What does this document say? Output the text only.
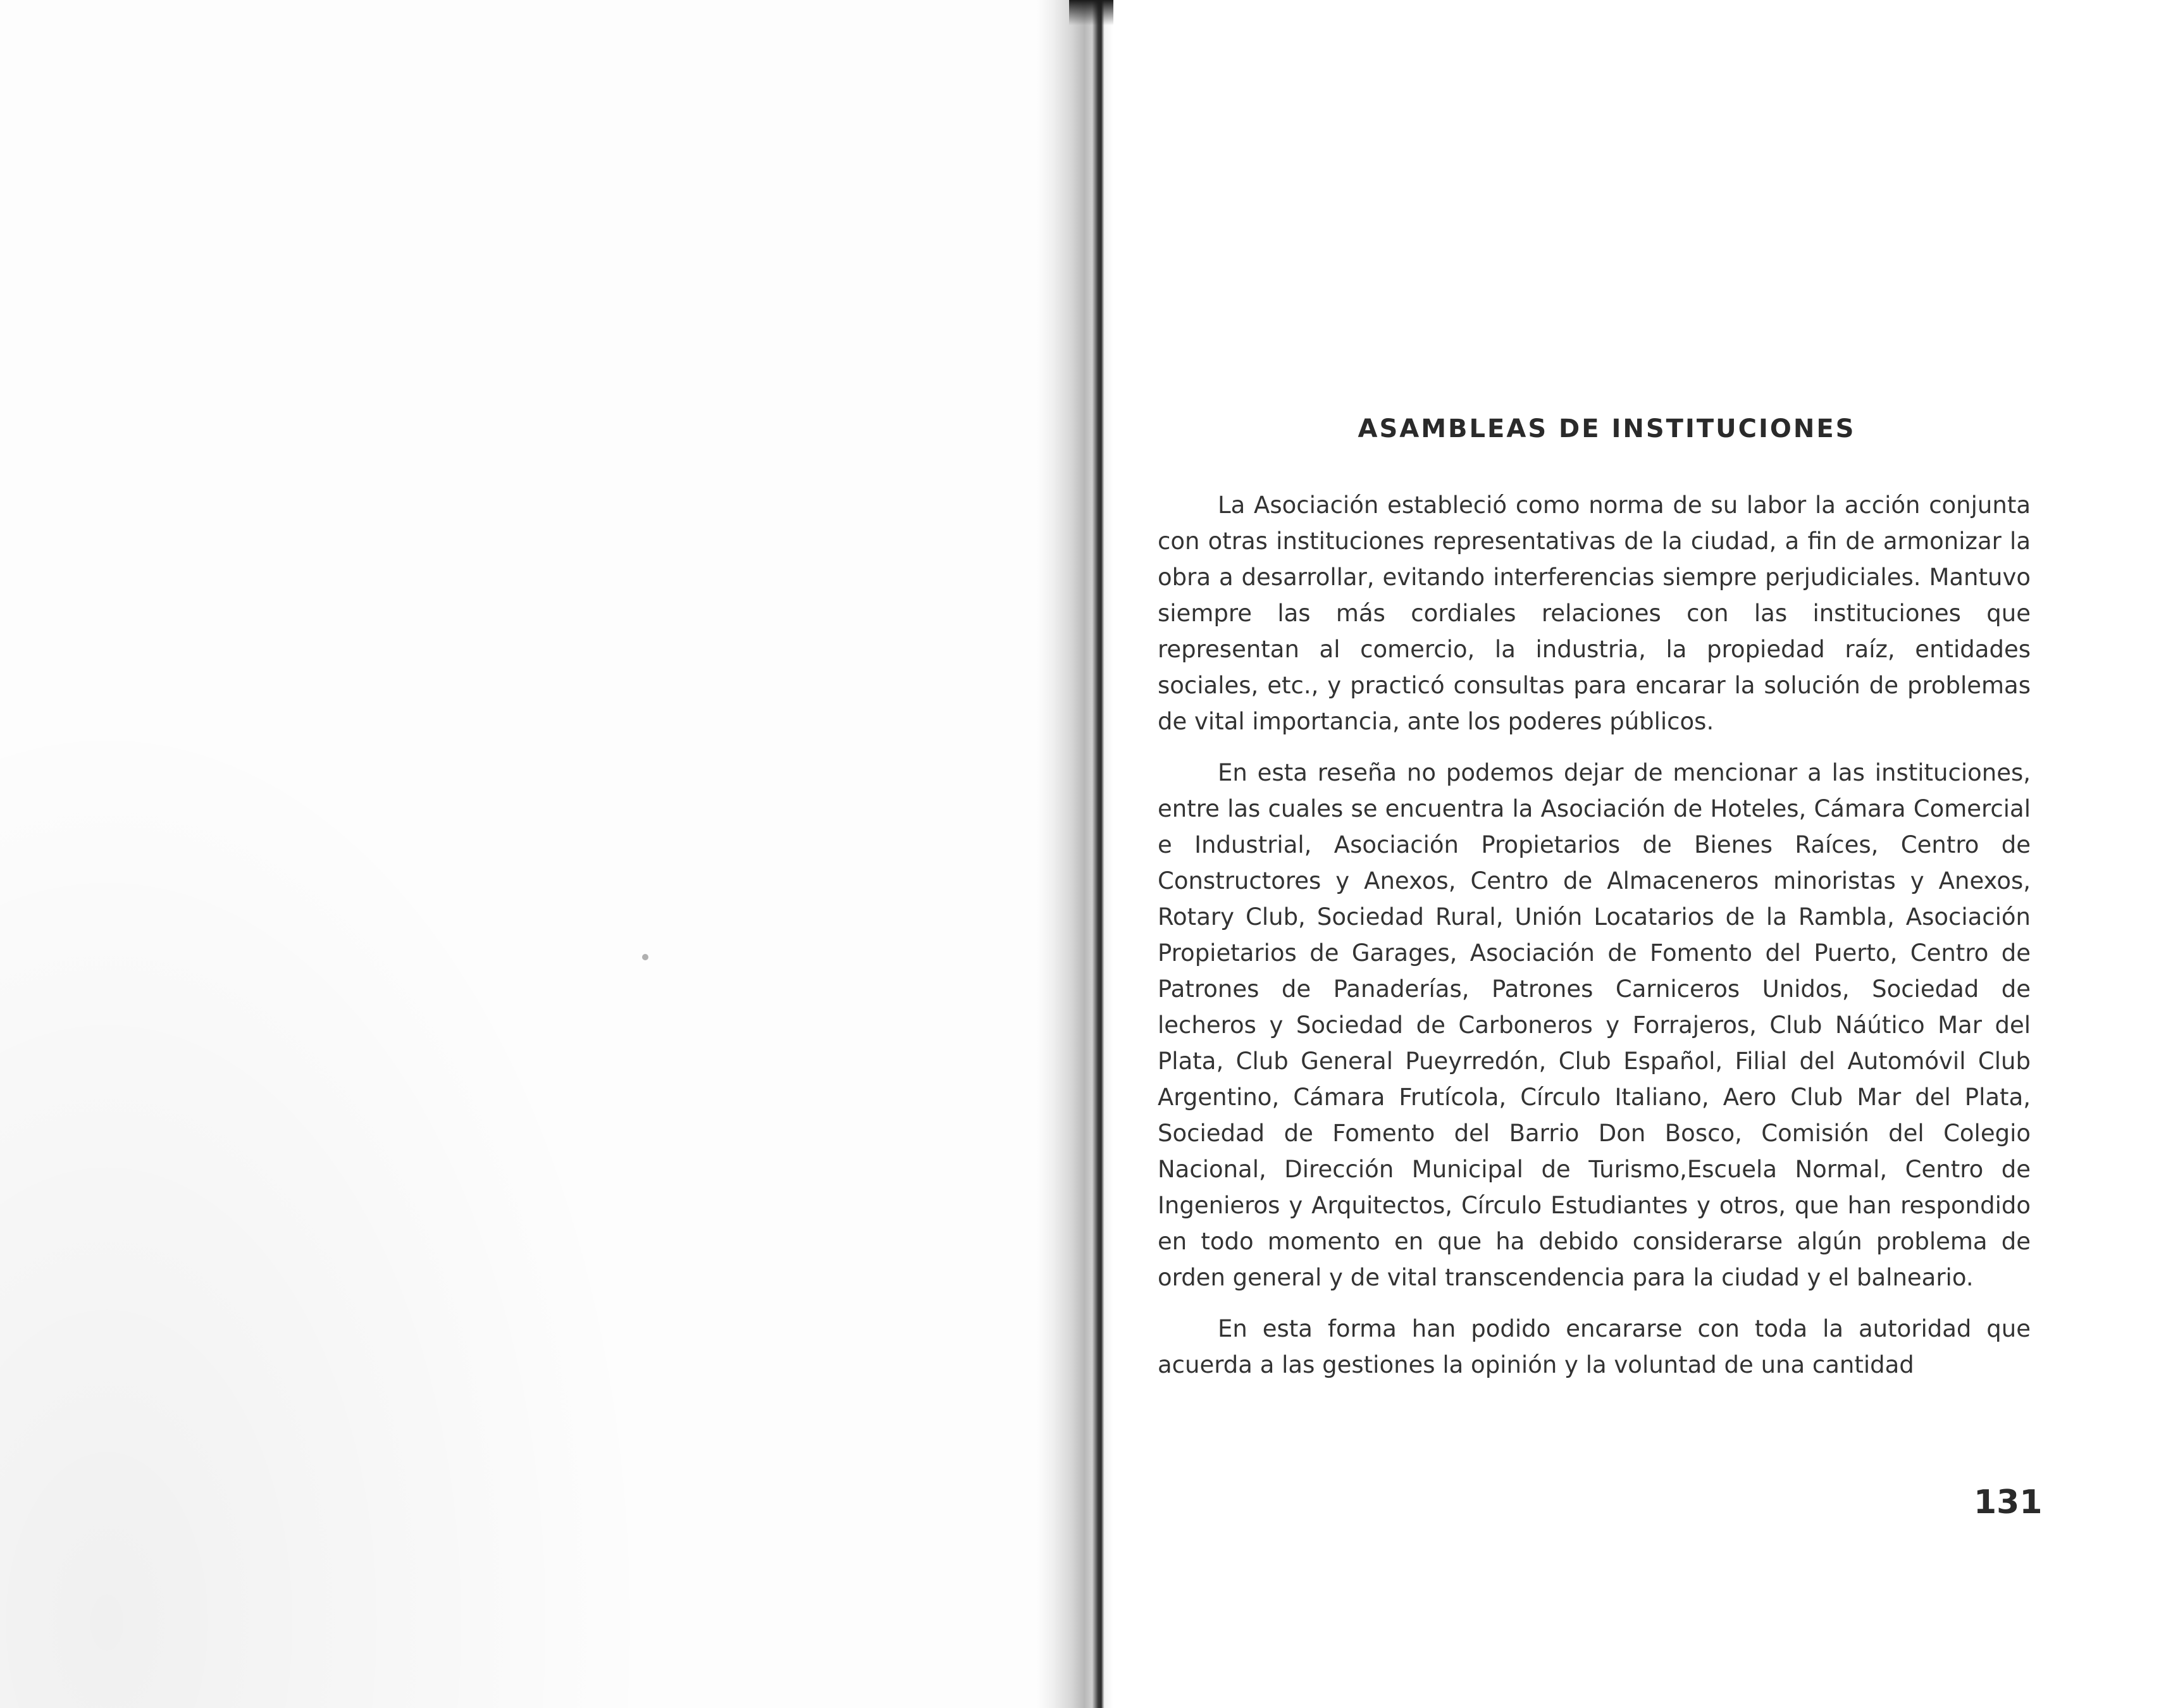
ASAMBLEAS DE INSTITUCIONES

La Asociación estableció como norma de su labor la acción conjunta con otras instituciones representativas de la ciudad, a fin de armonizar la obra a desarrollar, evitando interferencias siempre perjudiciales. Mantuvo siempre las más cordiales relaciones con las instituciones que representan al comercio, la industria, la propiedad raíz, entidades sociales, etc., y practicó consultas para encarar la solución de problemas de vital importancia, ante los poderes públicos.

En esta reseña no podemos dejar de mencionar a las instituciones, entre las cuales se encuentra la Asociación de Hoteles, Cámara Comercial e Industrial, Asociación Propietarios de Bienes Raíces, Centro de Constructores y Anexos, Centro de Almaceneros minoristas y Anexos, Rotary Club, Sociedad Rural, Unión Locatarios de la Rambla, Asociación Propietarios de Garages, Asociación de Fomento del Puerto, Centro de Patrones de Panaderías, Patrones Carniceros Unidos, Sociedad de lecheros y Sociedad de Carboneros y Forrajeros, Club Náútico Mar del Plata, Club General Pueyrredón, Club Español, Filial del Automóvil Club Argentino, Cámara Frutícola, Círculo Italiano, Aero Club Mar del Plata, Sociedad de Fomento del Barrio Don Bosco, Comisión del Colegio Nacional, Dirección Municipal de Turismo,Escuela Normal, Centro de Ingenieros y Arquitectos, Círculo Estudiantes y otros, que han respondido en todo momento en que ha debido considerarse algún problema de orden general y de vital transcendencia para la ciudad y el balneario.

En esta forma han podido encararse con toda la autoridad que acuerda a las gestiones la opinión y la voluntad de una cantidad

131
